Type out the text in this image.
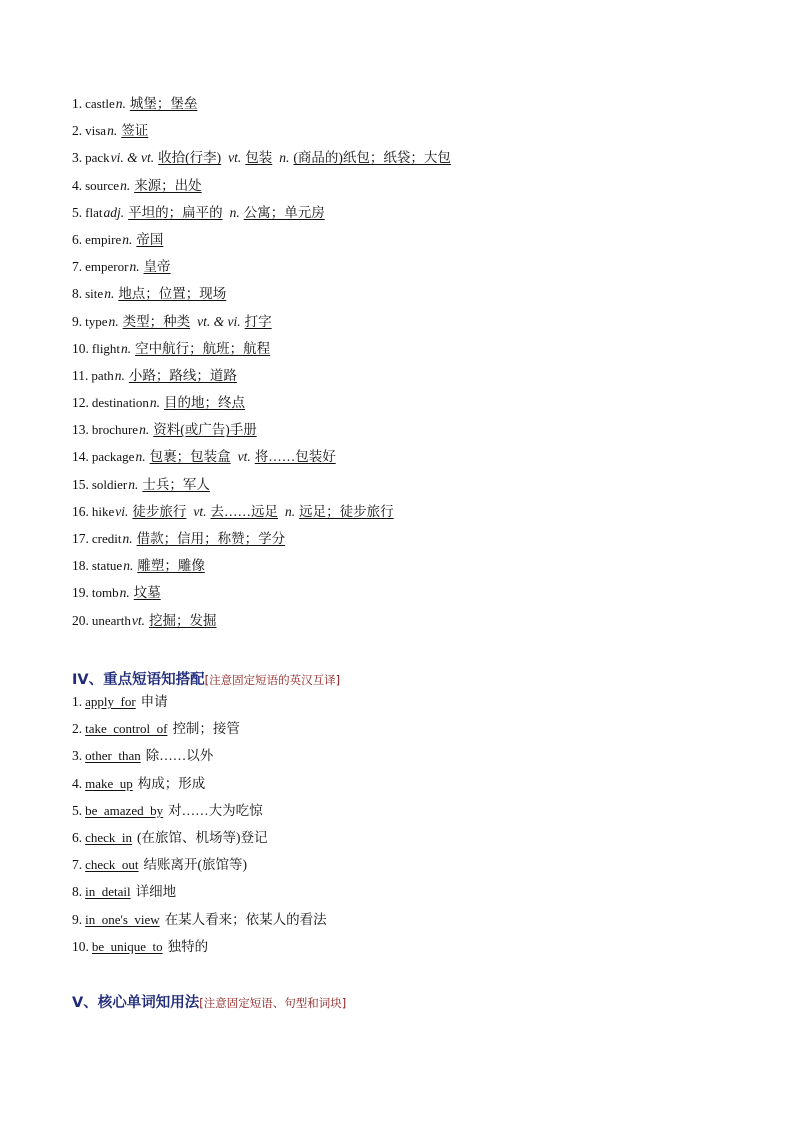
1. castlen. 城堡；堡垒
2. visan. 签证
3. packvi. & vt. 收拾(行李) vt. 包装 n. (商品的)纸包；纸袋；大包
4. sourcen. 来源；出处
5. flatadj. 平坦的；扁平的 n. 公寓；单元房
6. empiren. 帝国
7. emperorn. 皇帝
8. siten. 地点；位置；现场
9. typen. 类型；种类 vt. & vi. 打字
10. flightn. 空中航行；航班；航程
11. pathn. 小路；路线；道路
12. destinationn. 目的地；终点
13. brochuren. 资料(或广告)手册
14. packagen. 包裹；包装盒 vt. 将……包装好
15. soldiern. 士兵；军人
16. hikevi. 徒步旅行 vt. 去……远足 n. 远足；徒步旅行
17. creditn. 借款；信用；称赞；学分
18. statuen. 雕塑；雕像
19. tombn. 坟墓
20. unearthvt. 挖掘；发掘
IV、重点短语知搭配[注意固定短语的英汉互译]
1. apply  for 申请
2. take  control  of 控制；接管
3. other  than 除……以外
4. make  up 构成；形成
5. be  amazed  by 对……大为吃惊
6. check  in (在旅馆、机场等)登记
7. check  out 结账离开(旅馆等)
8. in  detail 详细地
9. in  one's  view 在某人看来；依某人的看法
10. be  unique  to 独特的
V、核心单词知用法[注意固定短语、句型和词块]
